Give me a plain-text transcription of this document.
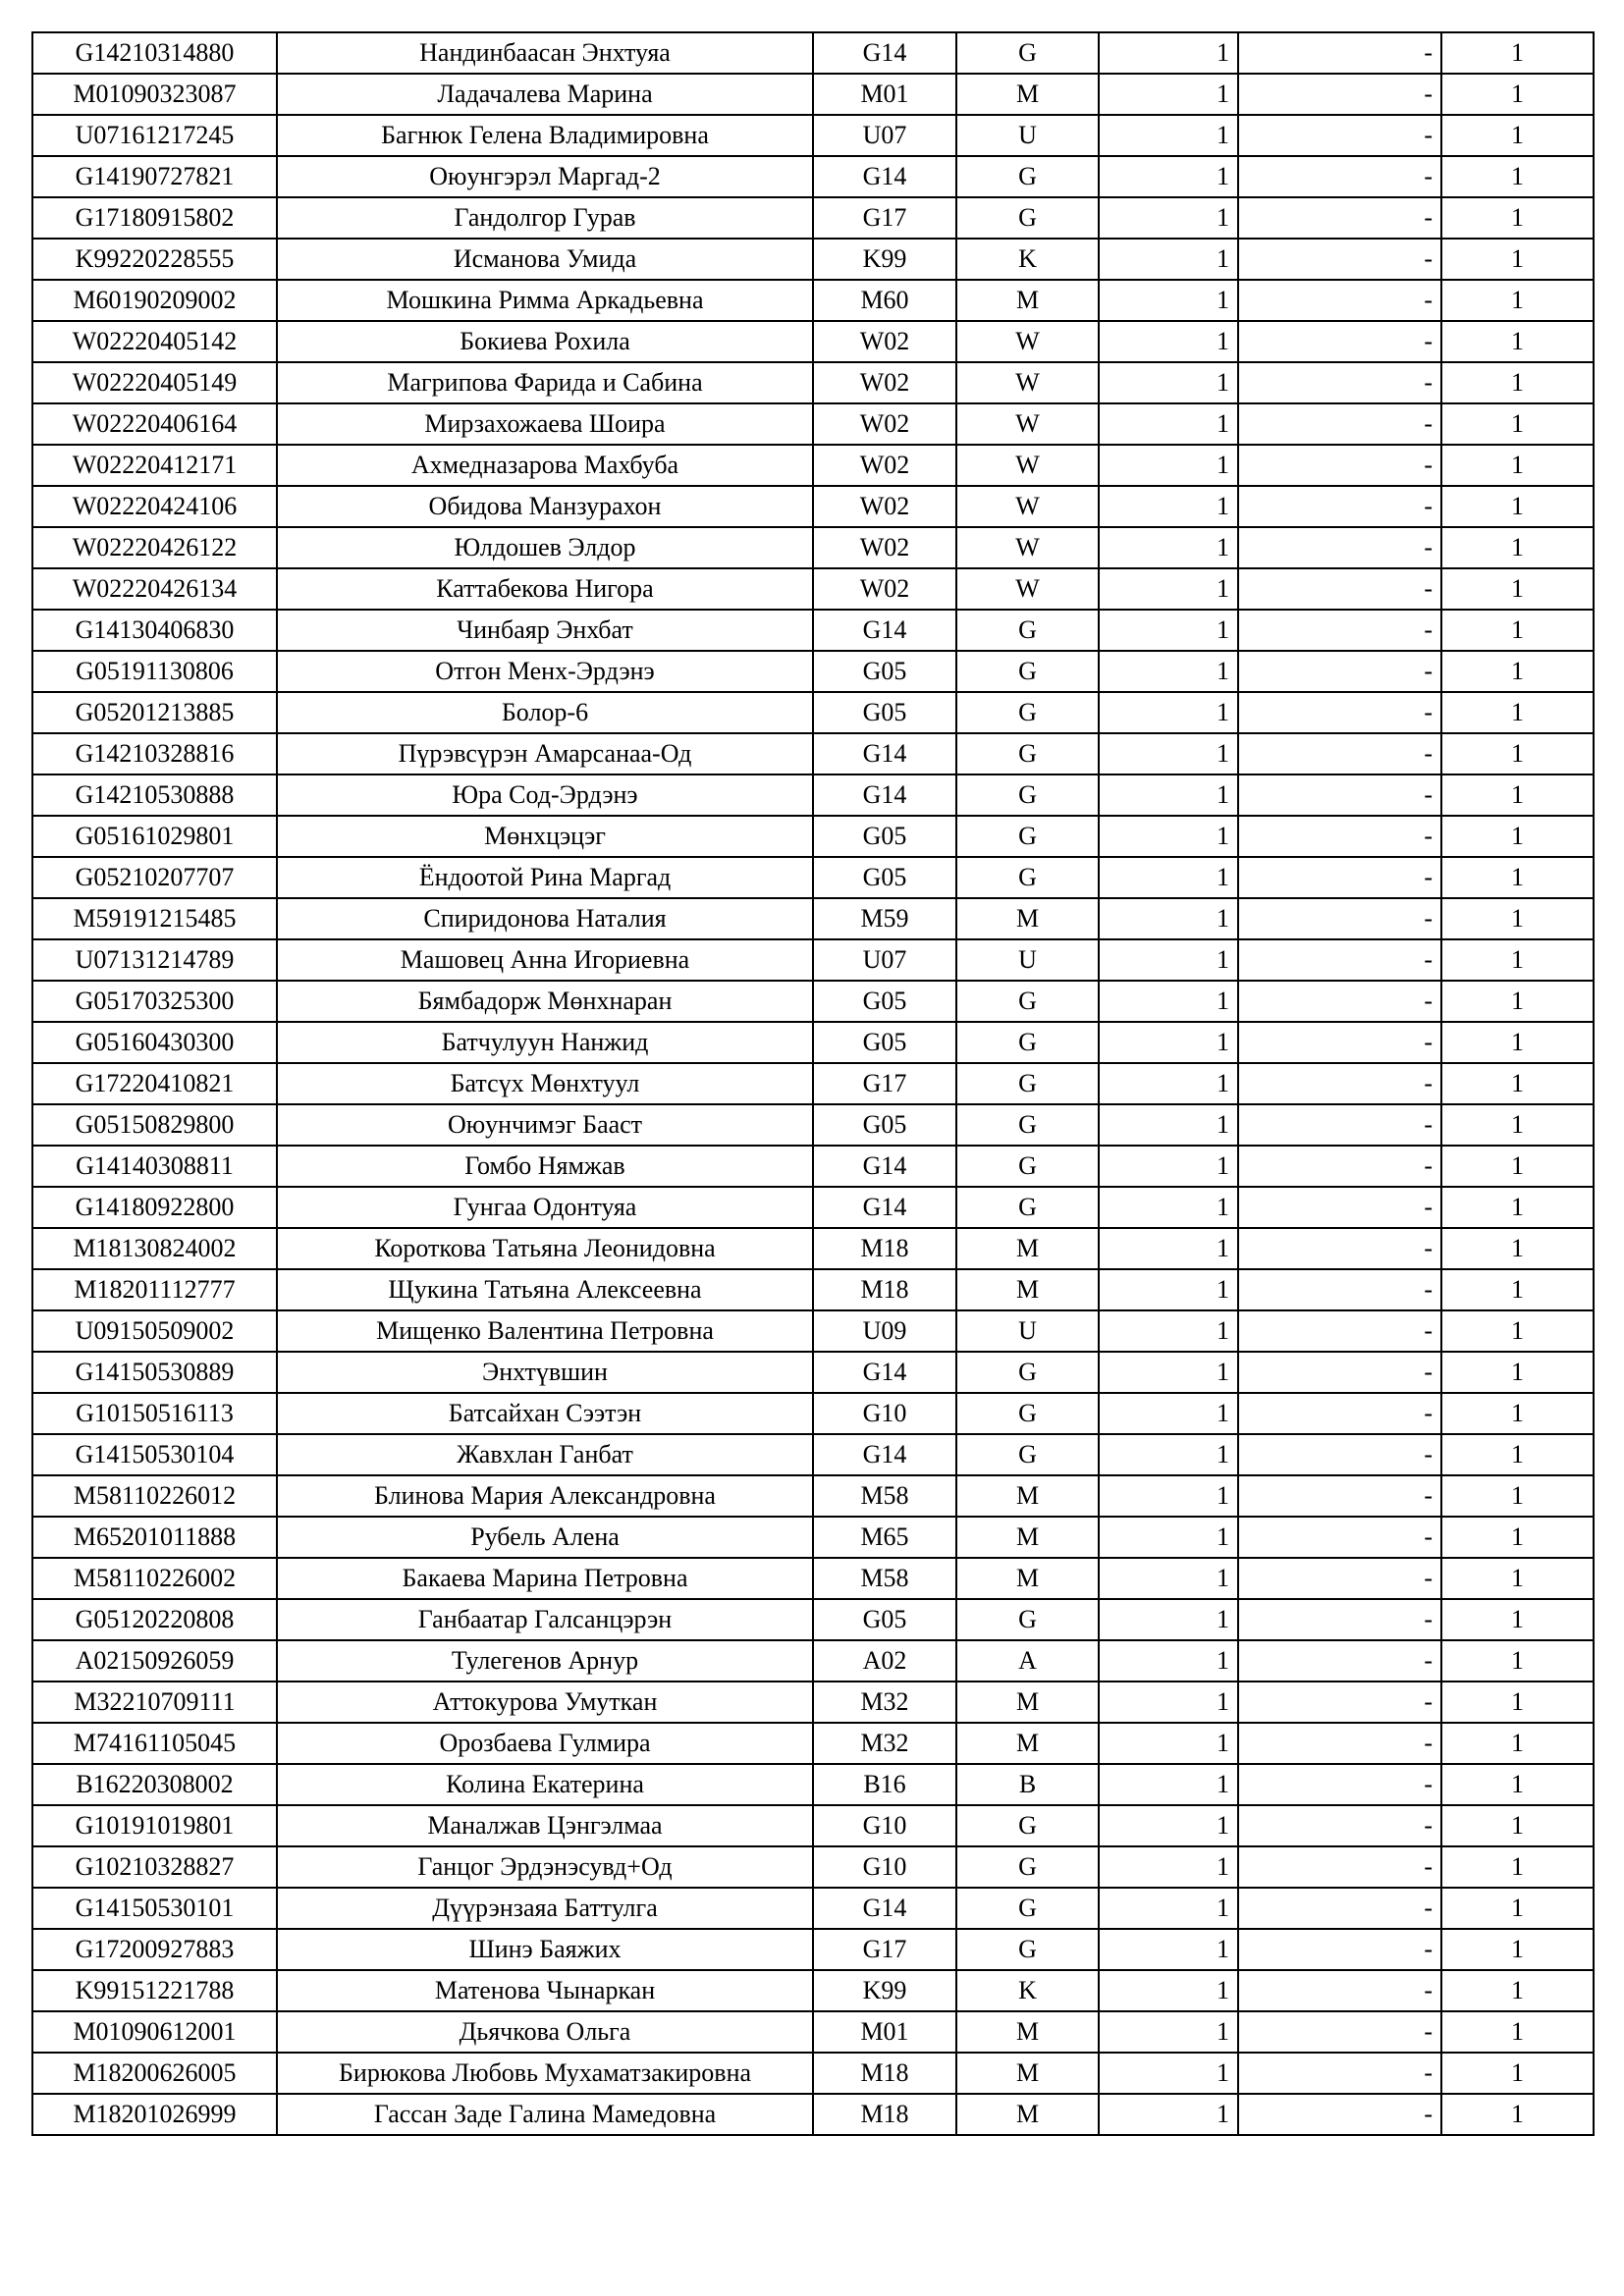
G14210314880	Нандинбаасан Энхтуяа	G14	G	1	-	1
M01090323087	Ладачалева Марина	M01	M	1	-	1
U07161217245	Багнюк Гелена Владимировна	U07	U	1	-	1
G14190727821	Оюунгэрэл Маргад-2	G14	G	1	-	1
G17180915802	Гандолгор Гурав	G17	G	1	-	1
K99220228555	Исманова Умида	K99	K	1	-	1
M60190209002	Мошкина Римма Аркадьевна	M60	M	1	-	1
W02220405142	Бокиева Рохила	W02	W	1	-	1
W02220405149	Магрипова Фарида и Сабина	W02	W	1	-	1
W02220406164	Мирзахожаева Шоира	W02	W	1	-	1
W02220412171	Ахмедназарова Махбуба	W02	W	1	-	1
W02220424106	Обидова Манзурахон	W02	W	1	-	1
W02220426122	Юлдошев Элдор	W02	W	1	-	1
W02220426134	Каттабекова Нигора	W02	W	1	-	1
G14130406830	Чинбаяр Энхбат	G14	G	1	-	1
G05191130806	Отгон Менх-Эрдэнэ	G05	G	1	-	1
G05201213885	Болор-6	G05	G	1	-	1
G14210328816	Пүрэвсүрэн Амарсанаа-Од	G14	G	1	-	1
G14210530888	Юра Сод-Эрдэнэ	G14	G	1	-	1
G05161029801	Мөнхцэцэг	G05	G	1	-	1
G05210207707	Ёндоотой Рина Маргад	G05	G	1	-	1
M59191215485	Спиридонова Наталия	M59	M	1	-	1
U07131214789	Машовец Анна Игориевна	U07	U	1	-	1
G05170325300	Бямбадорж Мөнхнаран	G05	G	1	-	1
G05160430300	Батчулуун Нанжид	G05	G	1	-	1
G17220410821	Батсүх Мөнхтуул	G17	G	1	-	1
G05150829800	Оюунчимэг Бааст	G05	G	1	-	1
G14140308811	Гомбо Нямжав	G14	G	1	-	1
G14180922800	Гунгаа Одонтуяа	G14	G	1	-	1
M18130824002	Короткова Татьяна Леонидовна	M18	M	1	-	1
M18201112777	Щукина Татьяна Алексеевна	M18	M	1	-	1
U09150509002	Мищенко Валентина Петровна	U09	U	1	-	1
G14150530889	Энхтүвшин	G14	G	1	-	1
G10150516113	Батсайхан Сээтэн	G10	G	1	-	1
G14150530104	Жавхлан Ганбат	G14	G	1	-	1
M58110226012	Блинова Мария Александровна	M58	M	1	-	1
M65201011888	Рубель Алена	M65	M	1	-	1
M58110226002	Бакаева Марина Петровна	M58	M	1	-	1
G05120220808	Ганбаатар Галсанцэрэн	G05	G	1	-	1
A02150926059	Тулегенов Арнур	A02	A	1	-	1
M32210709111	Аттокурова Умуткан	M32	M	1	-	1
M74161105045	Орозбаева Гулмира	M32	M	1	-	1
B16220308002	Колина Екатерина	B16	B	1	-	1
G10191019801	Маналжав Цэнгэлмаа	G10	G	1	-	1
G10210328827	Ганцог Эрдэнэсувд+Од	G10	G	1	-	1
G14150530101	Дүүрэнзаяа Баттулга	G14	G	1	-	1
G17200927883	Шинэ Баяжих	G17	G	1	-	1
K99151221788	Матенова Чынаркан	K99	K	1	-	1
M01090612001	Дьячкова Ольга	M01	M	1	-	1
M18200626005	Бирюкова Любовь Мухаматзакировна	M18	M	1	-	1
M18201026999	Гассан Заде Галина Мамедовна	M18	M	1	-	1
